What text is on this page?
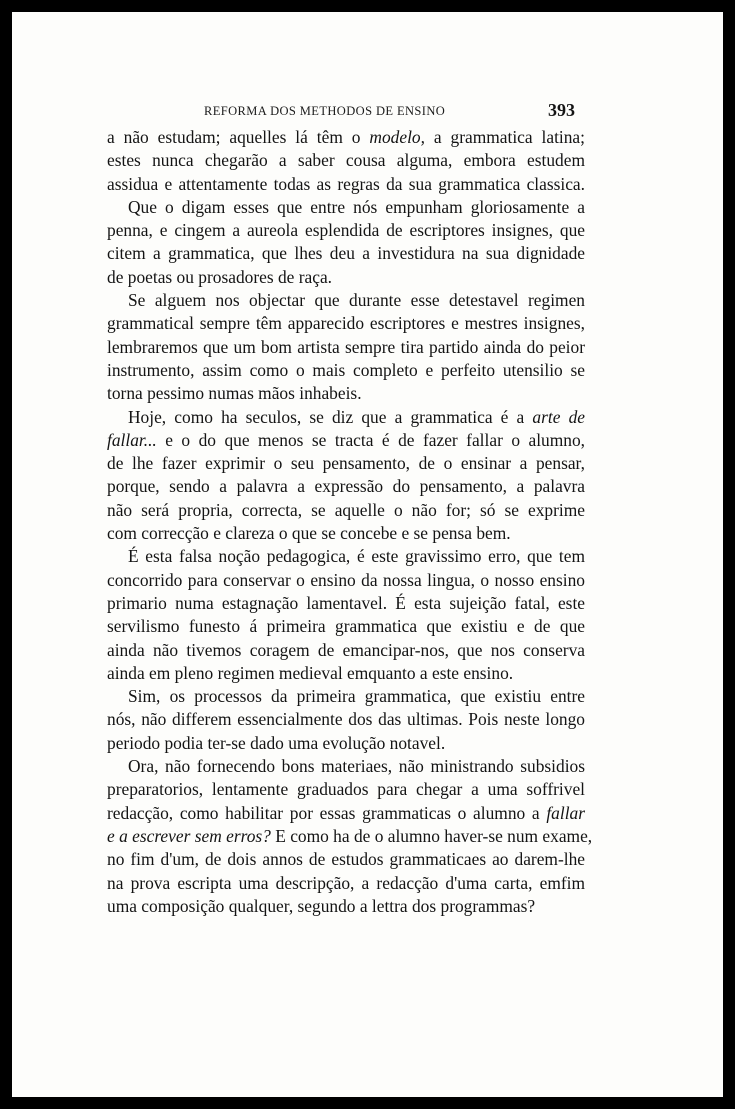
REFORMA DOS METHODOS DE ENSINO	393

a não estudam; aquelles lá têm o modelo, a grammatica latina;
estes nunca chegarão a saber cousa alguma, embora estudem
assidua e attentamente todas as regras da sua grammatica classica.

Que o digam esses que entre nós empunham gloriosamente a
penna, e cingem a aureola esplendida de escriptores insignes, que
citem a grammatica, que lhes deu a investidura na sua dignidade
de poetas ou prosadores de raça.

Se alguem nos objectar que durante esse detestavel regimen
grammatical sempre têm apparecido escriptores e mestres insignes,
lembraremos que um bom artista sempre tira partido ainda do peior
instrumento, assim como o mais completo e perfeito utensilio se
torna pessimo numas mãos inhabeis.

Hoje, como ha seculos, se diz que a grammatica é a arte de
fallar... e o do que menos se tracta é de fazer fallar o alumno,
de lhe fazer exprimir o seu pensamento, de o ensinar a pensar,
porque, sendo a palavra a expressão do pensamento, a palavra
não será propria, correcta, se aquelle o não for; só se exprime
com correcção e clareza o que se concebe e se pensa bem.

É esta falsa noção pedagogica, é este gravissimo erro, que tem
concorrido para conservar o ensino da nossa lingua, o nosso ensino
primario numa estagnação lamentavel. É esta sujeição fatal, este
servilismo funesto á primeira grammatica que existiu e de que
ainda não tivemos coragem de emancipar-nos, que nos conserva
ainda em pleno regimen medieval emquanto a este ensino.

Sim, os processos da primeira grammatica, que existiu entre
nós, não differem essencialmente dos das ultimas. Pois neste longo
periodo podia ter-se dado uma evolução notavel.

Ora, não fornecendo bons materiaes, não ministrando subsidios
preparatorios, lentamente graduados para chegar a uma soffrivel
redacção, como habilitar por essas grammaticas o alumno a fallar
e a escrever sem erros? E como ha de o alumno haver-se num exame,
no fim d'um, de dois annos de estudos grammaticaes ao darem-lhe
na prova escripta uma descripção, a redacção d'uma carta, emfim
uma composição qualquer, segundo a lettra dos programmas?
